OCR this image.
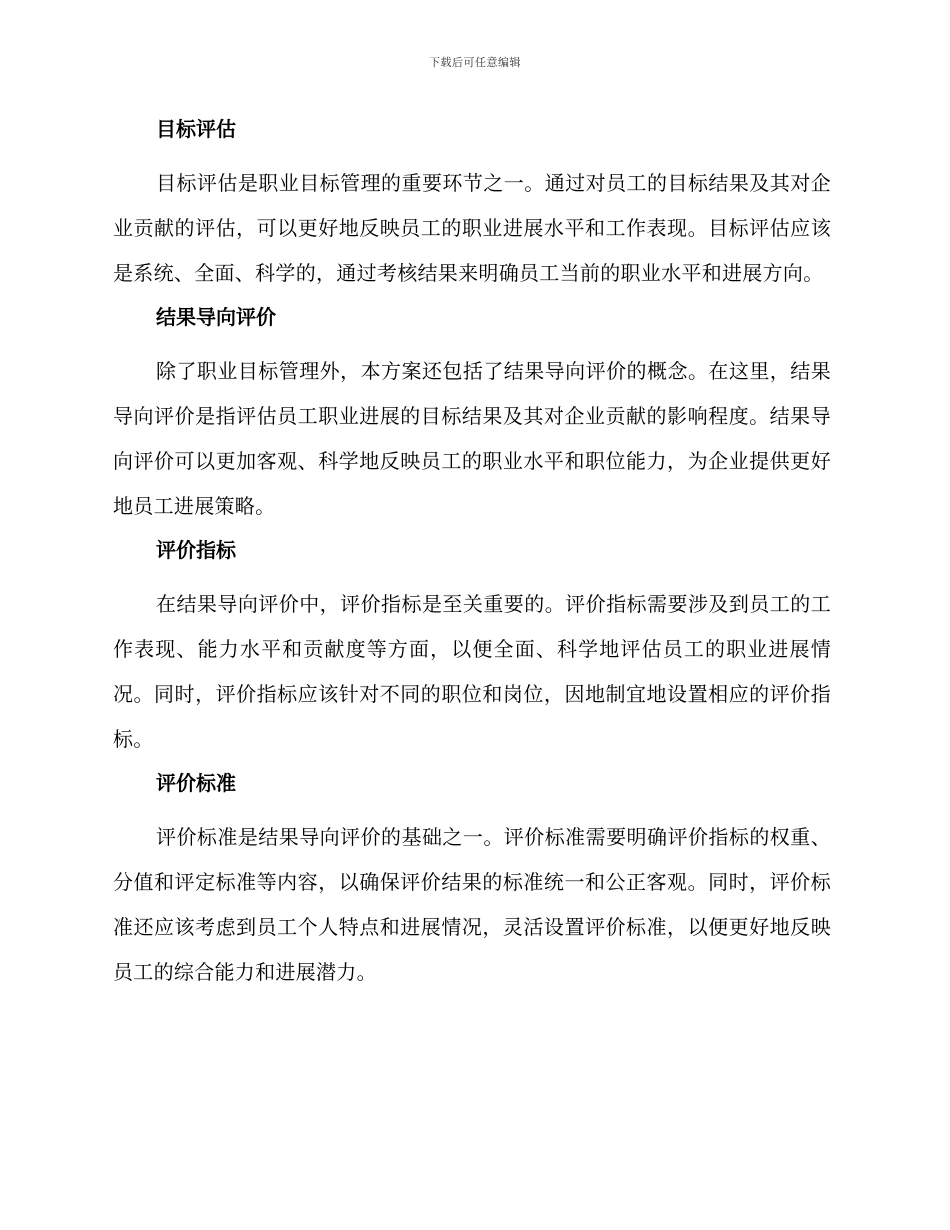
下载后可任意编辑
目标评估

目标评估是职业目标管理的重要环节之一。通过对员工的目标结果及其对企业贡献的评估，可以更好地反映员工的职业进展水平和工作表现。目标评估应该是系统、全面、科学的，通过考核结果来明确员工当前的职业水平和进展方向。

结果导向评价

除了职业目标管理外，本方案还包括了结果导向评价的概念。在这里，结果导向评价是指评估员工职业进展的目标结果及其对企业贡献的影响程度。结果导向评价可以更加客观、科学地反映员工的职业水平和职位能力，为企业提供更好地员工进展策略。

评价指标

在结果导向评价中，评价指标是至关重要的。评价指标需要涉及到员工的工作表现、能力水平和贡献度等方面，以便全面、科学地评估员工的职业进展情况。同时，评价指标应该针对不同的职位和岗位，因地制宜地设置相应的评价指标。

评价标准

评价标准是结果导向评价的基础之一。评价标准需要明确评价指标的权重、分值和评定标准等内容，以确保评价结果的标准统一和公正客观。同时，评价标准还应该考虑到员工个人特点和进展情况，灵活设置评价标准，以便更好地反映员工的综合能力和进展潜力。
